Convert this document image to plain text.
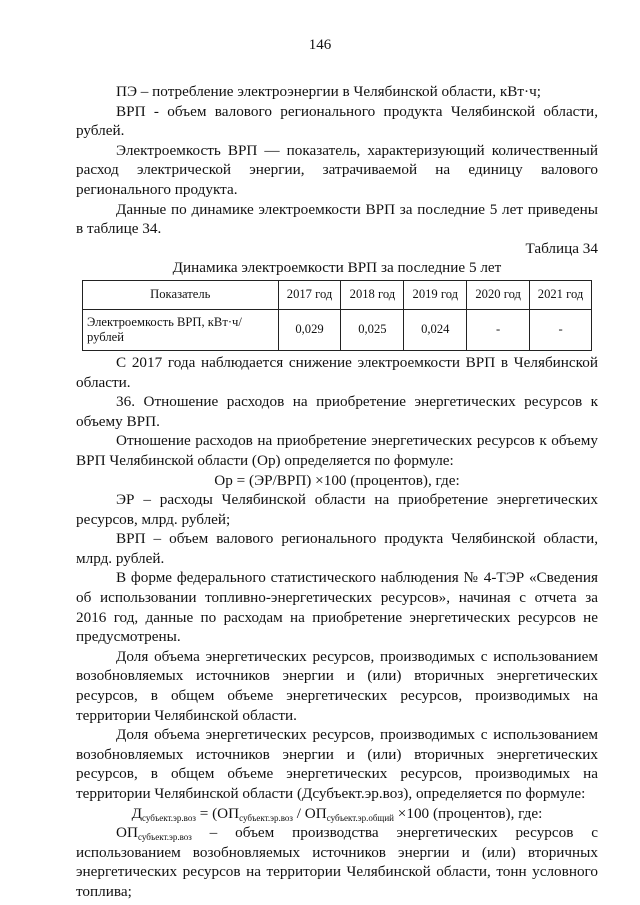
146

ПЭ – потребление электроэнергии в Челябинской области, кВт·ч;

ВРП - объем валового регионального продукта Челябинской области, рублей.

Электроемкость ВРП — показатель, характеризующий количественный расход электрической энергии, затрачиваемой на единицу валового регионального продукта.

Данные по динамике электроемкости ВРП за последние 5 лет приведены в таблице 34.

Таблица 34

Динамика электроемкости ВРП за последние 5 лет

Показатель	2017 год	2018 год	2019 год	2020 год	2021 год
Электроемкость ВРП, кВт·ч/ рублей	0,029	0,025	0,024	-	-

С 2017 года наблюдается снижение электроемкости ВРП в Челябинской области.

36. Отношение расходов на приобретение энергетических ресурсов к объему ВРП.

Отношение расходов на приобретение энергетических ресурсов к объему ВРП Челябинской области (Ор) определяется по формуле:

Ор = (ЭР/ВРП) ×100 (процентов), где:

ЭР – расходы Челябинской области на приобретение энергетических ресурсов, млрд. рублей;

ВРП – объем валового регионального продукта Челябинской области, млрд. рублей.

В форме федерального статистического наблюдения № 4-ТЭР «Сведения об использовании топливно-энергетических ресурсов», начиная с отчета за 2016 год, данные по расходам на приобретение энергетических ресурсов не предусмотрены.

Доля объема энергетических ресурсов, производимых с использованием возобновляемых источников энергии и (или) вторичных энергетических ресурсов, в общем объеме энергетических ресурсов, производимых на территории Челябинской области.

Доля объема энергетических ресурсов, производимых с использованием возобновляемых источников энергии и (или) вторичных энергетических ресурсов, в общем объеме энергетических ресурсов, производимых на территории Челябинской области (Дсубъект.эр.воз), определяется по формуле:

$Д_{субъект.эр.воз} = (ОП_{субъект.эр.воз} / ОП_{субъект.эр.общий} \times 100$ (процентов), где:

$ОП_{субъект.эр.воз}$ – объем производства энергетических ресурсов с использованием возобновляемых источников энергии и (или) вторичных энергетических ресурсов на территории Челябинской области, тонн условного топлива;
